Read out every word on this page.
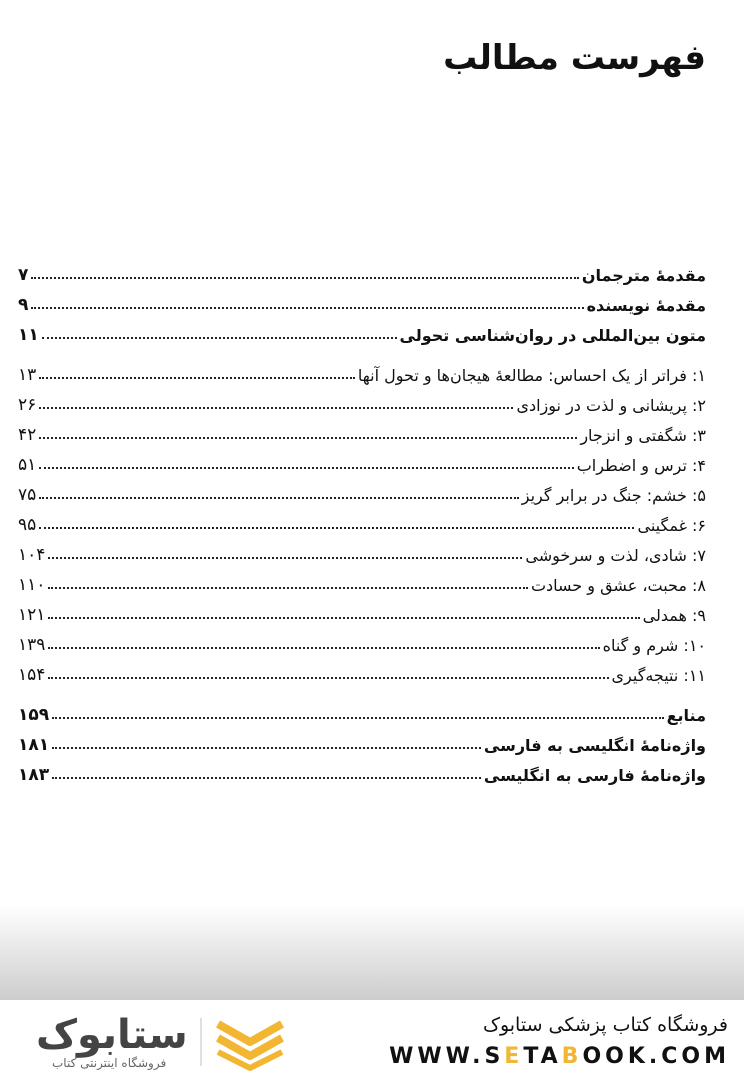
فهرست مطالب
مقدمهٔ مترجمان
۷
مقدمهٔ نویسنده
۹
متون بین‌المللی در روان‌شناسی تحولی
۱۱
۱: فراتر از یک احساس: مطالعهٔ هیجان‌ها و تحول آنها
۱۳
۲: پریشانی و لذت در نوزادی
۲۶
۳: شگفتی و انزجار
۴۲
۴: ترس و اضطراب
۵۱
۵: خشم: جنگ در برابر گریز
۷۵
۶: غمگینی
۹۵
۷: شادی، لذت و سرخوشی
۱۰۴
۸: محبت، عشق و حسادت
۱۱۰
۹: همدلی
۱۲۱
۱۰: شرم و گناه
۱۳۹
۱۱: نتیجه‌گیری
۱۵۴
منابع
۱۵۹
واژه‌نامهٔ انگلیسی به فارسی
۱۸۱
واژه‌نامهٔ فارسی به انگلیسی
۱۸۳
فروشگاه کتاب پزشکی ستابوک
WWW.SETABOOK.COM
ستابوک
فروشگاه اینترنتی کتاب
